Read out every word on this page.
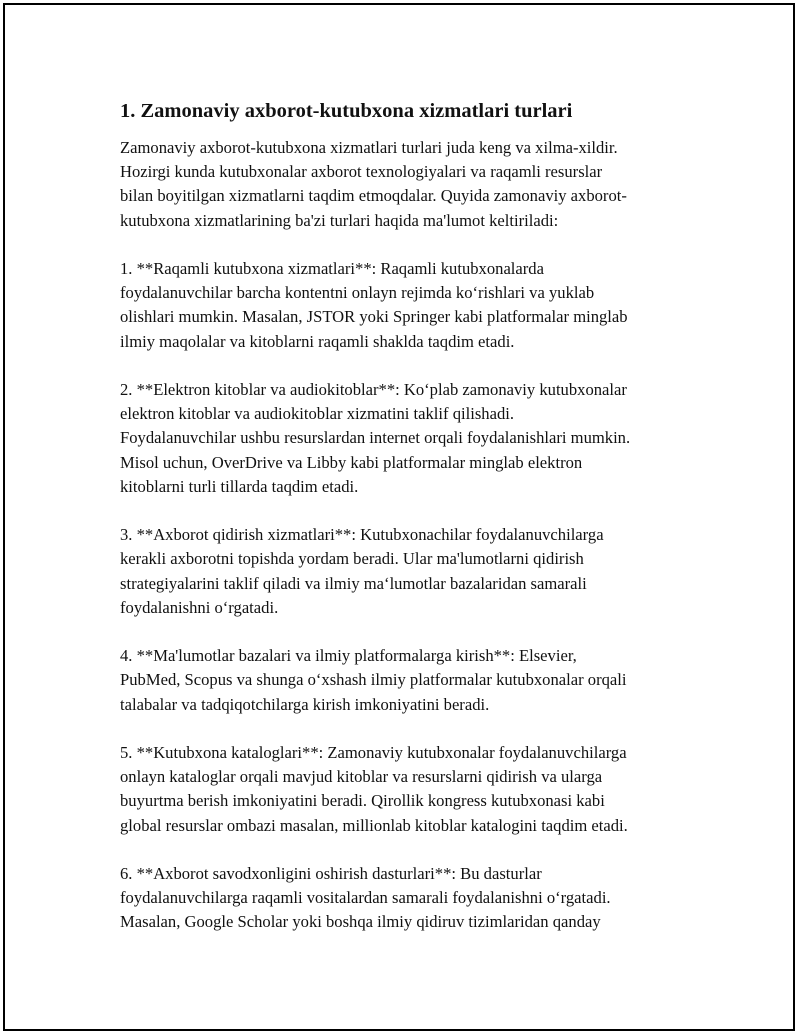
1. Zamonaviy axborot-kutubxona xizmatlari turlari

Zamonaviy axborot-kutubxona xizmatlari turlari juda keng va xilma-xildir.
Hozirgi kunda kutubxonalar axborot texnologiyalari va raqamli resurslar
bilan boyitilgan xizmatlarni taqdim etmoqdalar. Quyida zamonaviy axborot-
kutubxona xizmatlarining ba'zi turlari haqida ma'lumot keltiriladi:

1. **Raqamli kutubxona xizmatlari**: Raqamli kutubxonalarda
foydalanuvchilar barcha kontentni onlayn rejimda koʻrishlari va yuklab
olishlari mumkin. Masalan, JSTOR yoki Springer kabi platformalar minglab
ilmiy maqolalar va kitoblarni raqamli shaklda taqdim etadi.

2. **Elektron kitoblar va audiokitoblar**: Koʻplab zamonaviy kutubxonalar
elektron kitoblar va audiokitoblar xizmatini taklif qilishadi.
Foydalanuvchilar ushbu resurslardan internet orqali foydalanishlari mumkin.
Misol uchun, OverDrive va Libby kabi platformalar minglab elektron
kitoblarni turli tillarda taqdim etadi.

3. **Axborot qidirish xizmatlari**: Kutubxonachilar foydalanuvchilarga
kerakli axborotni topishda yordam beradi. Ular ma'lumotlarni qidirish
strategiyalarini taklif qiladi va ilmiy maʻlumotlar bazalaridan samarali
foydalanishni oʻrgatadi.

4. **Ma'lumotlar bazalari va ilmiy platformalarga kirish**: Elsevier,
PubMed, Scopus va shunga oʻxshash ilmiy platformalar kutubxonalar orqali
talabalar va tadqiqotchilarga kirish imkoniyatini beradi.

5. **Kutubxona kataloglari**: Zamonaviy kutubxonalar foydalanuvchilarga
onlayn kataloglar orqali mavjud kitoblar va resurslarni qidirish va ularga
buyurtma berish imkoniyatini beradi. Qirollik kongress kutubxonasi kabi
global resurslar ombazi masalan, millionlab kitoblar katalogini taqdim etadi.

6. **Axborot savodxonligini oshirish dasturlari**: Bu dasturlar
foydalanuvchilarga raqamli vositalardan samarali foydalanishni oʻrgatadi.
Masalan, Google Scholar yoki boshqa ilmiy qidiruv tizimlaridan qanday
